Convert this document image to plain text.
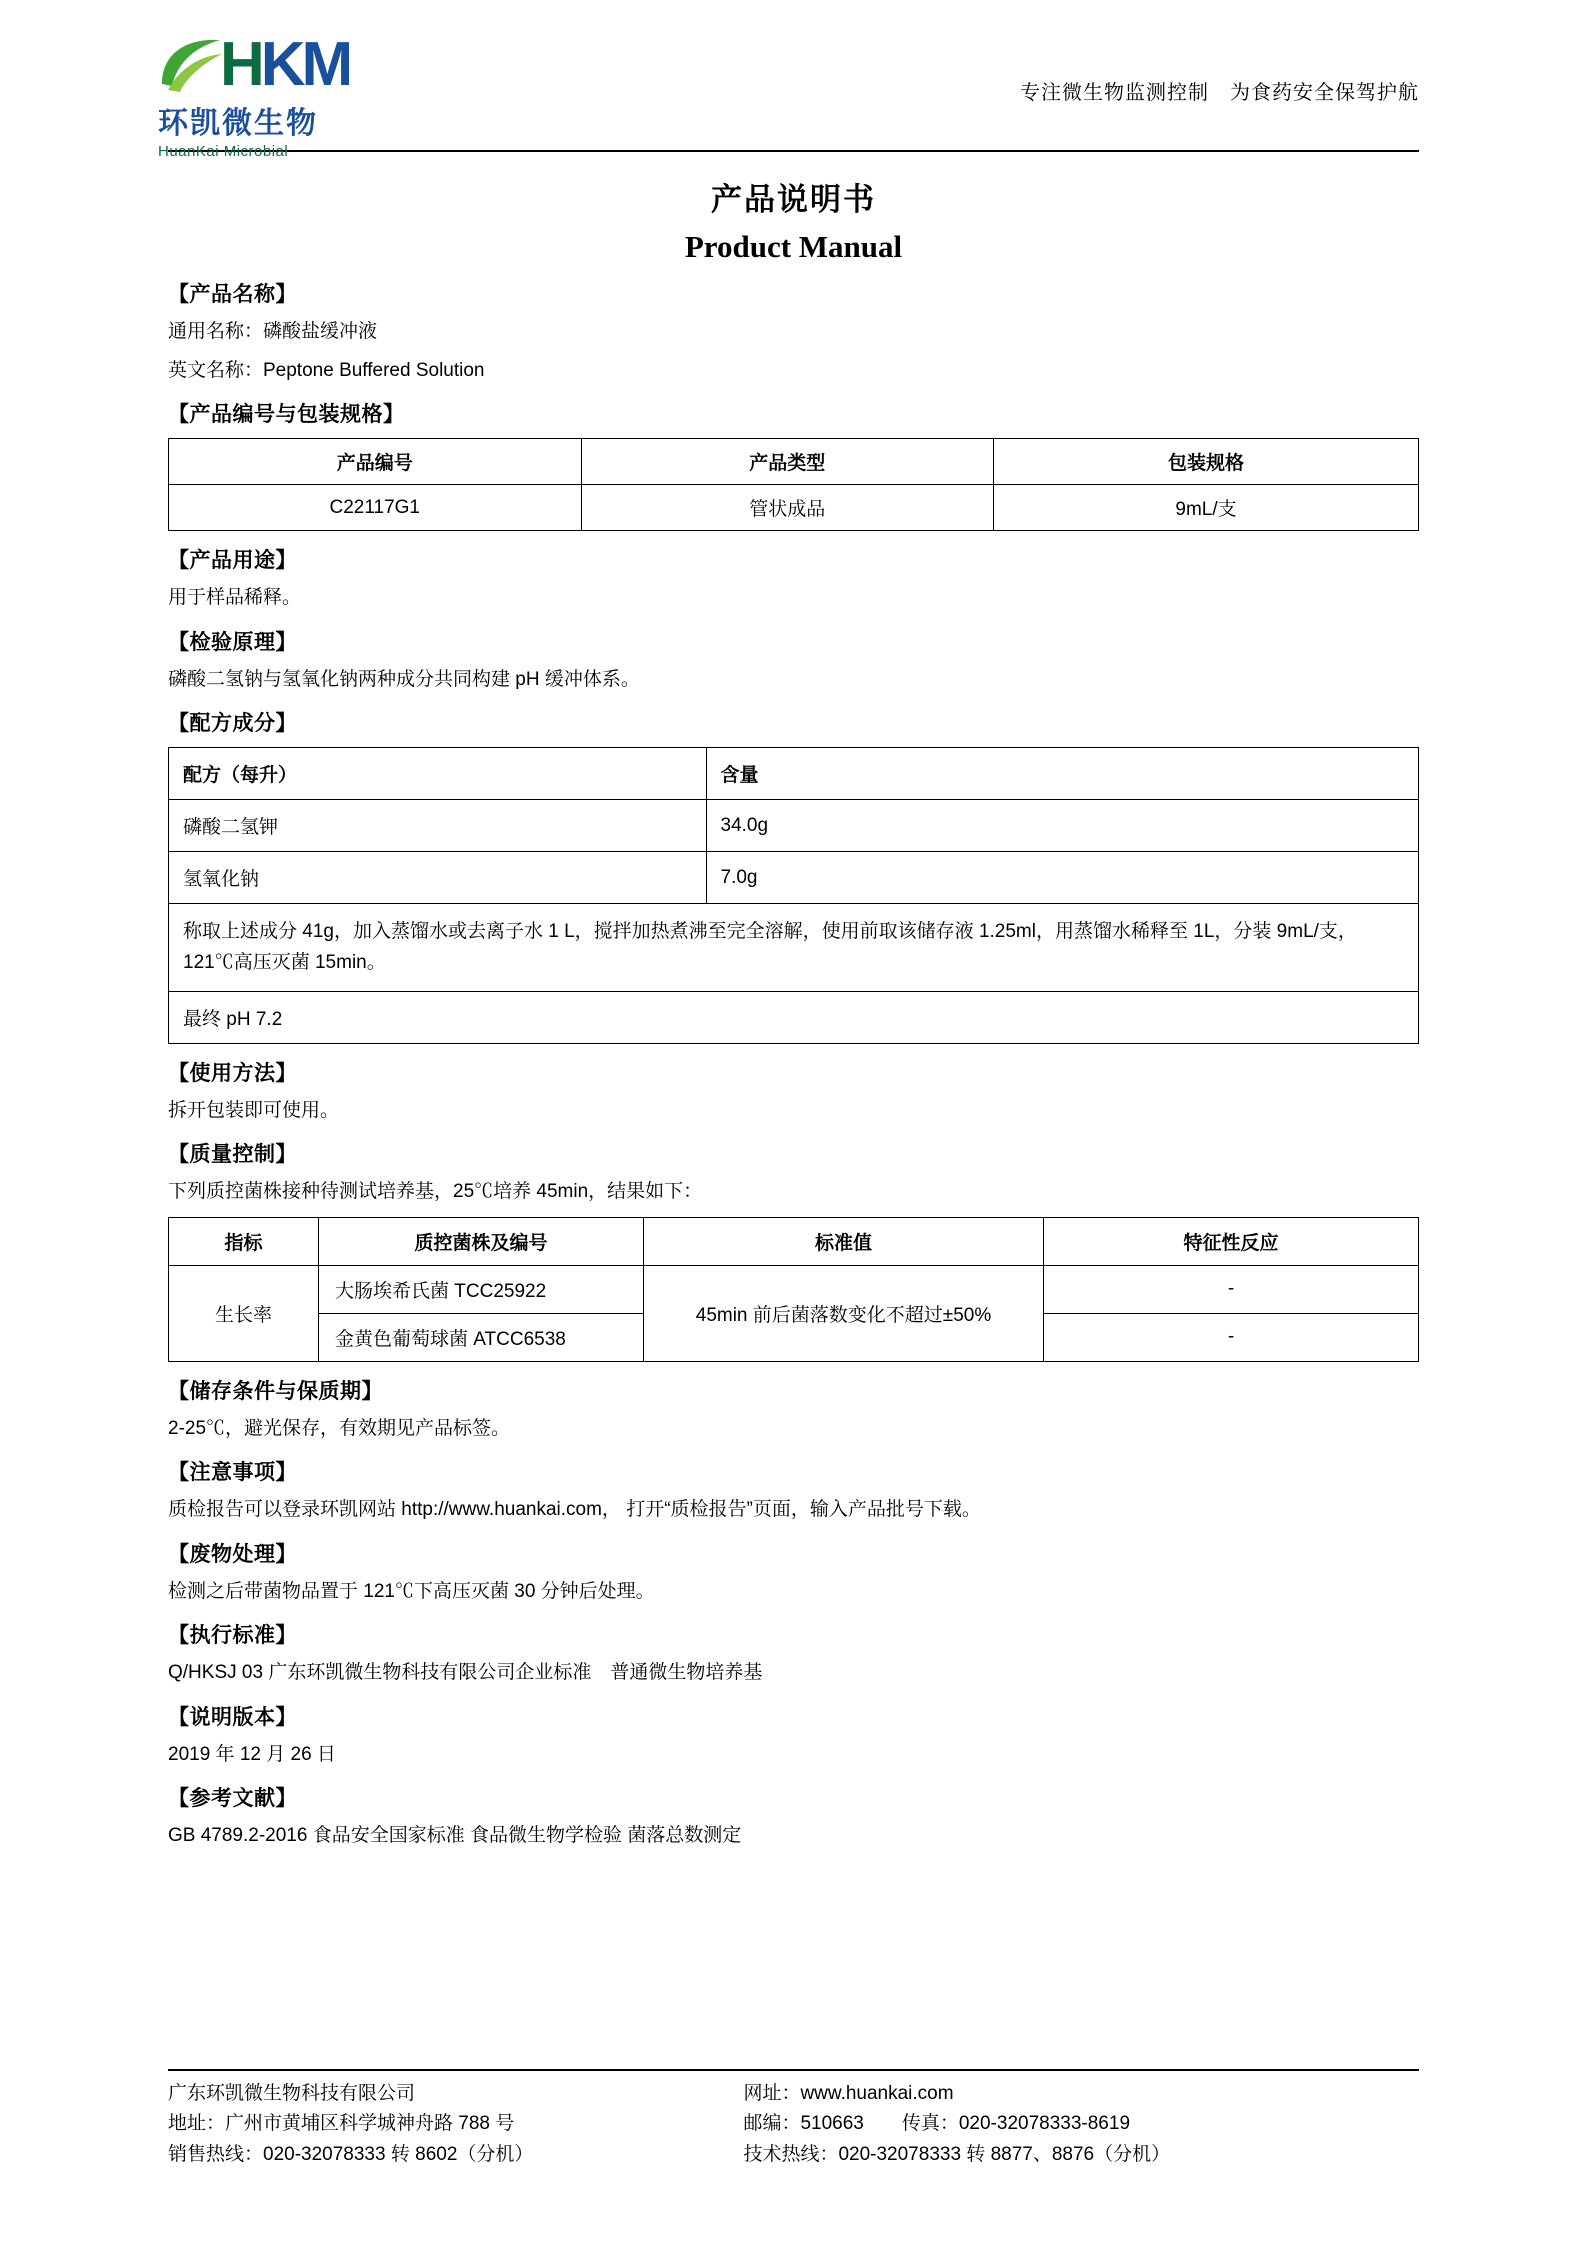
H KM
环凯微生物
HuanKai Microbial
专注微生物监测控制　为食药安全保驾护航
产品说明书
Product Manual
【产品名称】
通用名称：磷酸盐缓冲液
英文名称：Peptone Buffered Solution
【产品编号与包装规格】
产品编号	产品类型	包装规格
C22117G1	管状成品	9mL/支
【产品用途】
用于样品稀释。
【检验原理】
磷酸二氢钠与氢氧化钠两种成分共同构建 pH 缓冲体系。
【配方成分】
配方（每升）	含量
磷酸二氢钾	34.0g
氢氧化钠	7.0g
称取上述成分 41g，加入蒸馏水或去离子水 1 L，搅拌加热煮沸至完全溶解，使用前取该储存液 1.25ml，用蒸馏水稀释至 1L，分装 9mL/支，121℃高压灭菌 15min。	
最终 pH 7.2	
【使用方法】
拆开包装即可使用。
【质量控制】
下列质控菌株接种待测试培养基，25℃培养 45min，结果如下：
指标	质控菌株及编号	标准值	特征性反应
生长率	大肠埃希氏菌 TCC25922	45min 前后菌落数变化不超过±50%	-
	金黄色葡萄球菌 ATCC6538		-
【储存条件与保质期】
2-25℃，避光保存，有效期见产品标签。
【注意事项】
质检报告可以登录环凯网站 http://www.huankai.com， 打开“质检报告”页面，输入产品批号下载。
【废物处理】
检测之后带菌物品置于 121℃下高压灭菌 30 分钟后处理。
【执行标准】
Q/HKSJ 03 广东环凯微生物科技有限公司企业标准　普通微生物培养基
【说明版本】
2019 年 12 月 26 日
【参考文献】
GB 4789.2-2016 食品安全国家标准 食品微生物学检验 菌落总数测定
广东环凯微生物科技有限公司
地址：广州市黄埔区科学城神舟路 788 号
销售热线：020-32078333 转 8602（分机）
网址：www.huankai.com
邮编：510663　　传真：020-32078333-8619
技术热线：020-32078333 转 8877、8876（分机）
